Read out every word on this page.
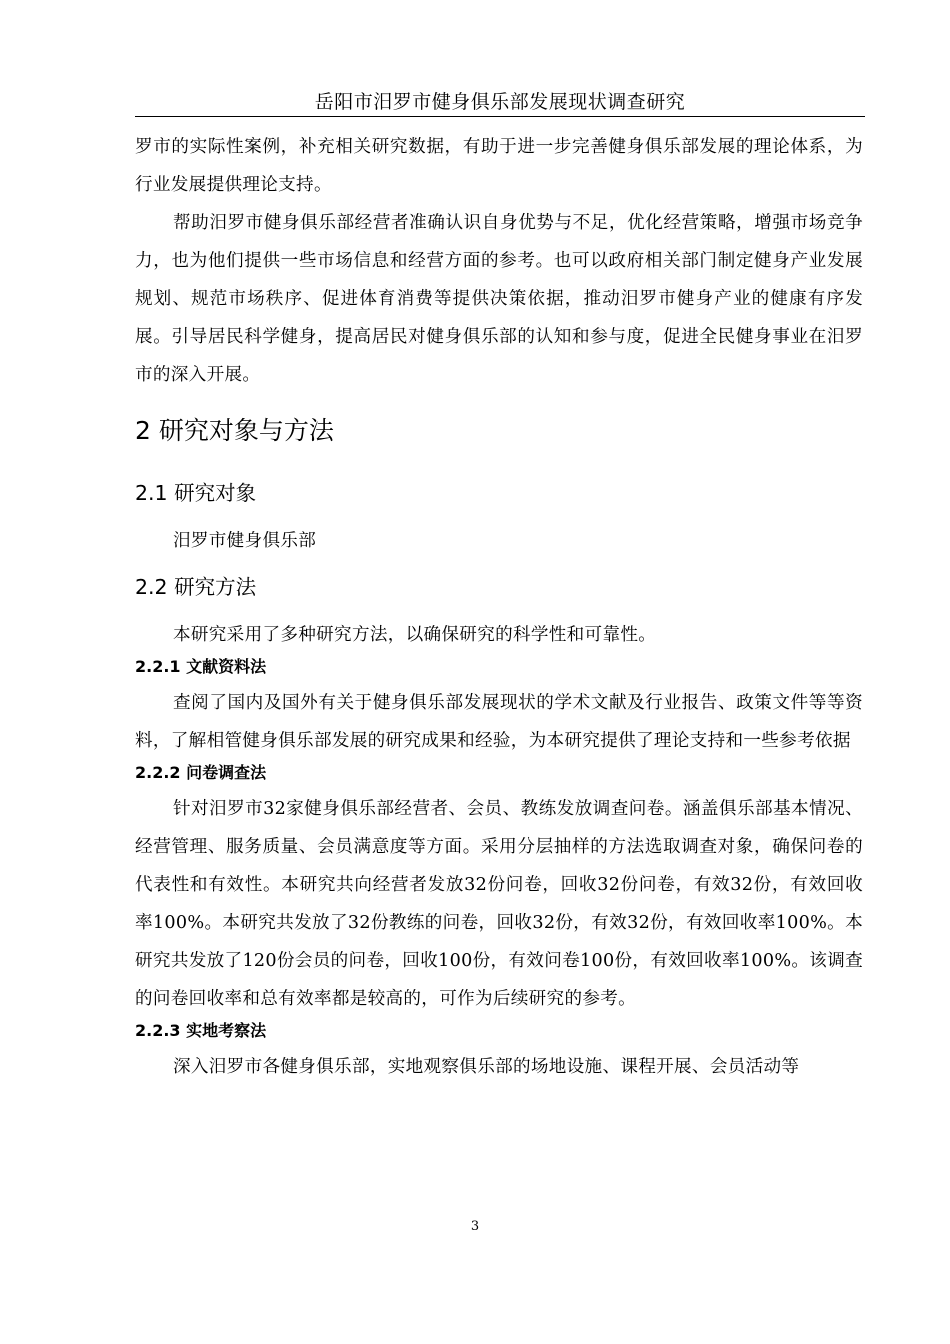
岳阳市汨罗市健身俱乐部发展现状调查研究

罗市的实际性案例，补充相关研究数据，有助于进一步完善健身俱乐部发展的理论体系，为行业发展提供理论支持。

帮助汨罗市健身俱乐部经营者准确认识自身优势与不足，优化经营策略，增强市场竞争力，也为他们提供一些市场信息和经营方面的参考。也可以政府相关部门制定健身产业发展规划、规范市场秩序、促进体育消费等提供决策依据，推动汨罗市健身产业的健康有序发展。引导居民科学健身，提高居民对健身俱乐部的认知和参与度，促进全民健身事业在汨罗市的深入开展。

2 研究对象与方法
2.1 研究对象

汨罗市健身俱乐部

2.2 研究方法

本研究采用了多种研究方法，以确保研究的科学性和可靠性。

2.2.1 文献资料法

查阅了国内及国外有关于健身俱乐部发展现状的学术文献及行业报告、政策文件等等资料，了解相管健身俱乐部发展的研究成果和经验，为本研究提供了理论支持和一些参考依据

2.2.2 问卷调查法

针对汨罗市32家健身俱乐部经营者、会员、教练发放调查问卷。涵盖俱乐部基本情况、经营管理、服务质量、会员满意度等方面。采用分层抽样的方法选取调查对象，确保问卷的代表性和有效性。本研究共向经营者发放32份问卷，回收32份问卷，有效32份，有效回收率100%。本研究共发放了32份教练的问卷，回收32份，有效32份，有效回收率100%。本研究共发放了120份会员的问卷，回收100份，有效问卷100份，有效回收率100%。该调查的问卷回收率和总有效率都是较高的，可作为后续研究的参考。

2.2.3 实地考察法

深入汨罗市各健身俱乐部，实地观察俱乐部的场地设施、课程开展、会员活动等

3
